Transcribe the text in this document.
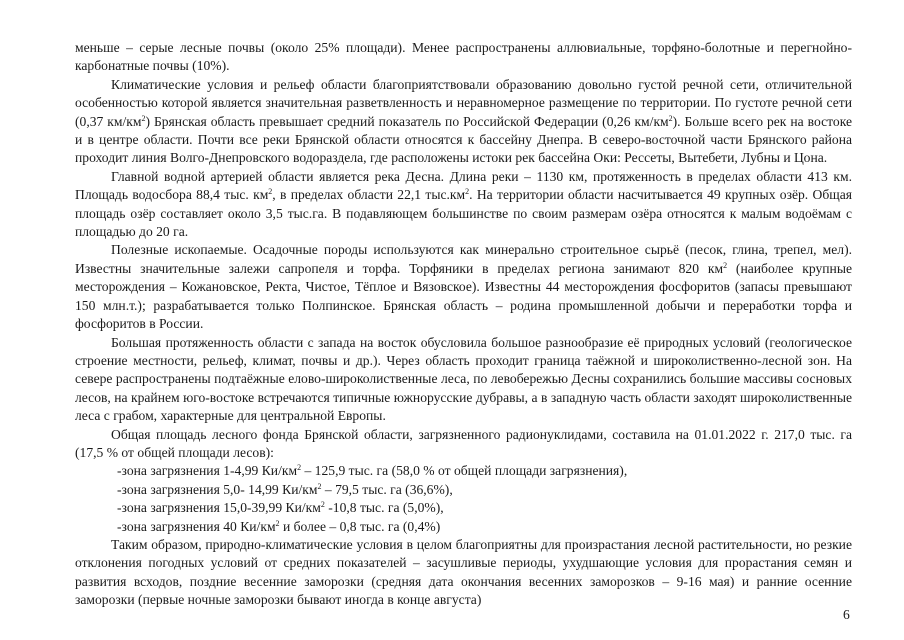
меньше – серые лесные почвы (около 25% площади). Менее распространены аллювиальные, торфяно-болотные и перегнойно-карбонатные почвы (10%).

Климатические условия и рельеф области благоприятствовали образованию довольно густой речной сети, отличительной особенностью которой является значительная разветвленность и неравномерное размещение по территории. По густоте речной сети (0,37 $км/км^2$) Брянская область превышает средний показатель по Российской Федерации (0,26 $км/км^2$). Больше всего рек на востоке и в центре области. Почти все реки Брянской области относятся к бассейну Днепра. В северо-восточной части Брянского района проходит линия Волго-Днепровского водораздела, где расположены истоки рек бассейна Оки: Рессеты, Вытебети, Лубны и Цона.

Главной водной артерией области является река Десна. Длина реки – 1130 км, протяженность в пределах области 413 км. Площадь водосбора 88,4 тыс. $км^2$, в пределах области 22,1 $тыс.км^2$. На территории области насчитывается 49 крупных озёр. Общая площадь озёр составляет около 3,5 тыс.га. В подавляющем большинстве по своим размерам озёра относятся к малым водоёмам с площадью до 20 га.

Полезные ископаемые. Осадочные породы используются как минерально строительное сырьё (песок, глина, трепел, мел). Известны значительные залежи сапропеля и торфа. Торфяники в пределах региона занимают 820 $км^2$ (наиболее крупные месторождения – Кожановское, Ректа, Чистое, Тёплое и Вязовское). Известны 44 месторождения фосфоритов (запасы превышают 150 млн.т.); разрабатывается только Полпинское. Брянская область – родина промышленной добычи и переработки торфа и фосфоритов в России.

Большая протяженность области с запада на восток обусловила большое разнообразие её природных условий (геологическое строение местности, рельеф, климат, почвы и др.). Через область проходит граница таёжной и широколиственно-лесной зон. На севере распространены подтаёжные елово-широколиственные леса, по левобережью Десны сохранились большие массивы сосновых лесов, на крайнем юго-востоке встречаются типичные южнорусские дубравы, а в западную часть области заходят широколиственные леса с грабом, характерные для центральной Европы.

Общая площадь лесного фонда Брянской области, загрязненного радионуклидами, составила на 01.01.2022 г. 217,0 тыс. га (17,5 % от общей площади лесов):

-зона загрязнения 1-4,99 $Ки/км^2 - 125,9$ тыс. га (58,0 % от общей площади загрязнения),

-зона загрязнения 5,0- 14,99 $Ки/км^2 - 79,5$ тыс. га (36,6%),

-зона загрязнения 15,0-39,99 $Ки/км^2$ -10,8 тыс. га (5,0%),

-зона загрязнения 40 $Ки/км^2$ и более – 0,8 тыс. га (0,4%)

Таким образом, природно-климатические условия в целом благоприятны для произрастания лесной растительности, но резкие отклонения погодных условий от средних показателей – засушливые периоды, ухудшающие условия для прорастания семян и развития всходов, поздние весенние заморозки (средняя дата окончания весенних заморозков – 9-16 мая) и ранние осенние заморозки (первые ночные заморозки бывают иногда в конце августа)

6
